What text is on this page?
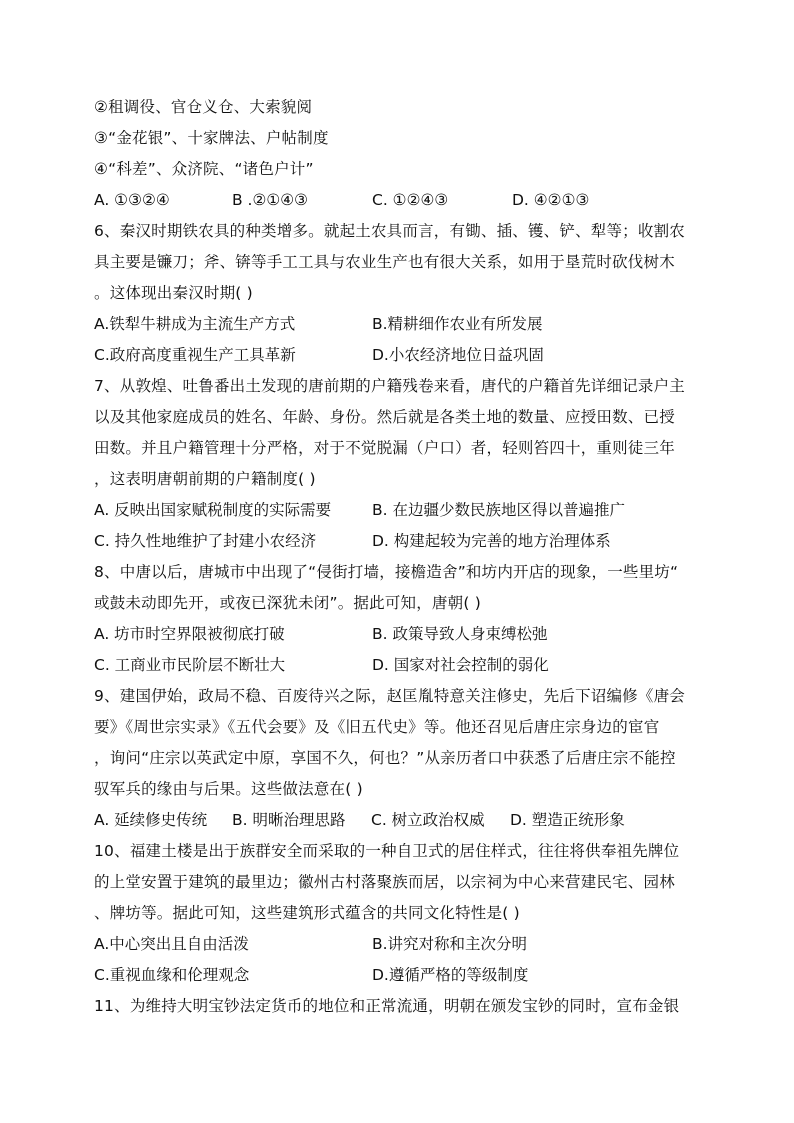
②租调役、官仓义仓、大索貌阅
③“金花银”、十家牌法、户帖制度
④“科差”、众济院、“诸色户计”
A. ①③②④	B .②①④③	C. ①②④③	D. ④②①③
6、秦汉时期铁农具的种类增多。就起土农具而言，有锄、插、镬、铲、犁等；收割农
具主要是镰刀；斧、锛等手工工具与农业生产也有很大关系，如用于垦荒时砍伐树木
。这体现出秦汉时期( )
A.铁犁牛耕成为主流生产方式	B.精耕细作农业有所发展
C.政府高度重视生产工具革新	D.小农经济地位日益巩固
7、从敦煌、吐鲁番出土发现的唐前期的户籍残卷来看，唐代的户籍首先详细记录户主
以及其他家庭成员的姓名、年龄、身份。然后就是各类土地的数量、应授田数、已授
田数。并且户籍管理十分严格，对于不觉脱漏（户口）者，轻则笞四十，重则徒三年
，这表明唐朝前期的户籍制度( )
A. 反映出国家赋税制度的实际需要	B. 在边疆少数民族地区得以普遍推广
C. 持久性地维护了封建小农经济	D. 构建起较为完善的地方治理体系
8、中唐以后，唐城市中出现了“侵街打墙，接檐造舍”和坊内开店的现象，一些里坊“
或鼓未动即先开，或夜已深犹未闭”。据此可知，唐朝( )
A. 坊市时空界限被彻底打破	B. 政策导致人身束缚松弛
C. 工商业市民阶层不断壮大	D. 国家对社会控制的弱化
9、建国伊始，政局不稳、百废待兴之际，赵匡胤特意关注修史，先后下诏编修《唐会
要》《周世宗实录》《五代会要》及《旧五代史》等。他还召见后唐庄宗身边的宦官
，询问“庄宗以英武定中原，享国不久，何也？”从亲历者口中获悉了后唐庄宗不能控
驭军兵的缘由与后果。这些做法意在( )
A. 延续修史传统 B. 明晰治理思路 C. 树立政治权威 D. 塑造正统形象
10、福建土楼是出于族群安全而采取的一种自卫式的居住样式，往往将供奉祖先牌位
的上堂安置于建筑的最里边；徽州古村落聚族而居，以宗祠为中心来营建民宅、园林
、牌坊等。据此可知，这些建筑形式蕴含的共同文化特性是( )
A.中心突出且自由活泼	B.讲究对称和主次分明
C.重视血缘和伦理观念	D.遵循严格的等级制度
11、为维持大明宝钞法定货币的地位和正常流通，明朝在颁发宝钞的同时，宣布金银
